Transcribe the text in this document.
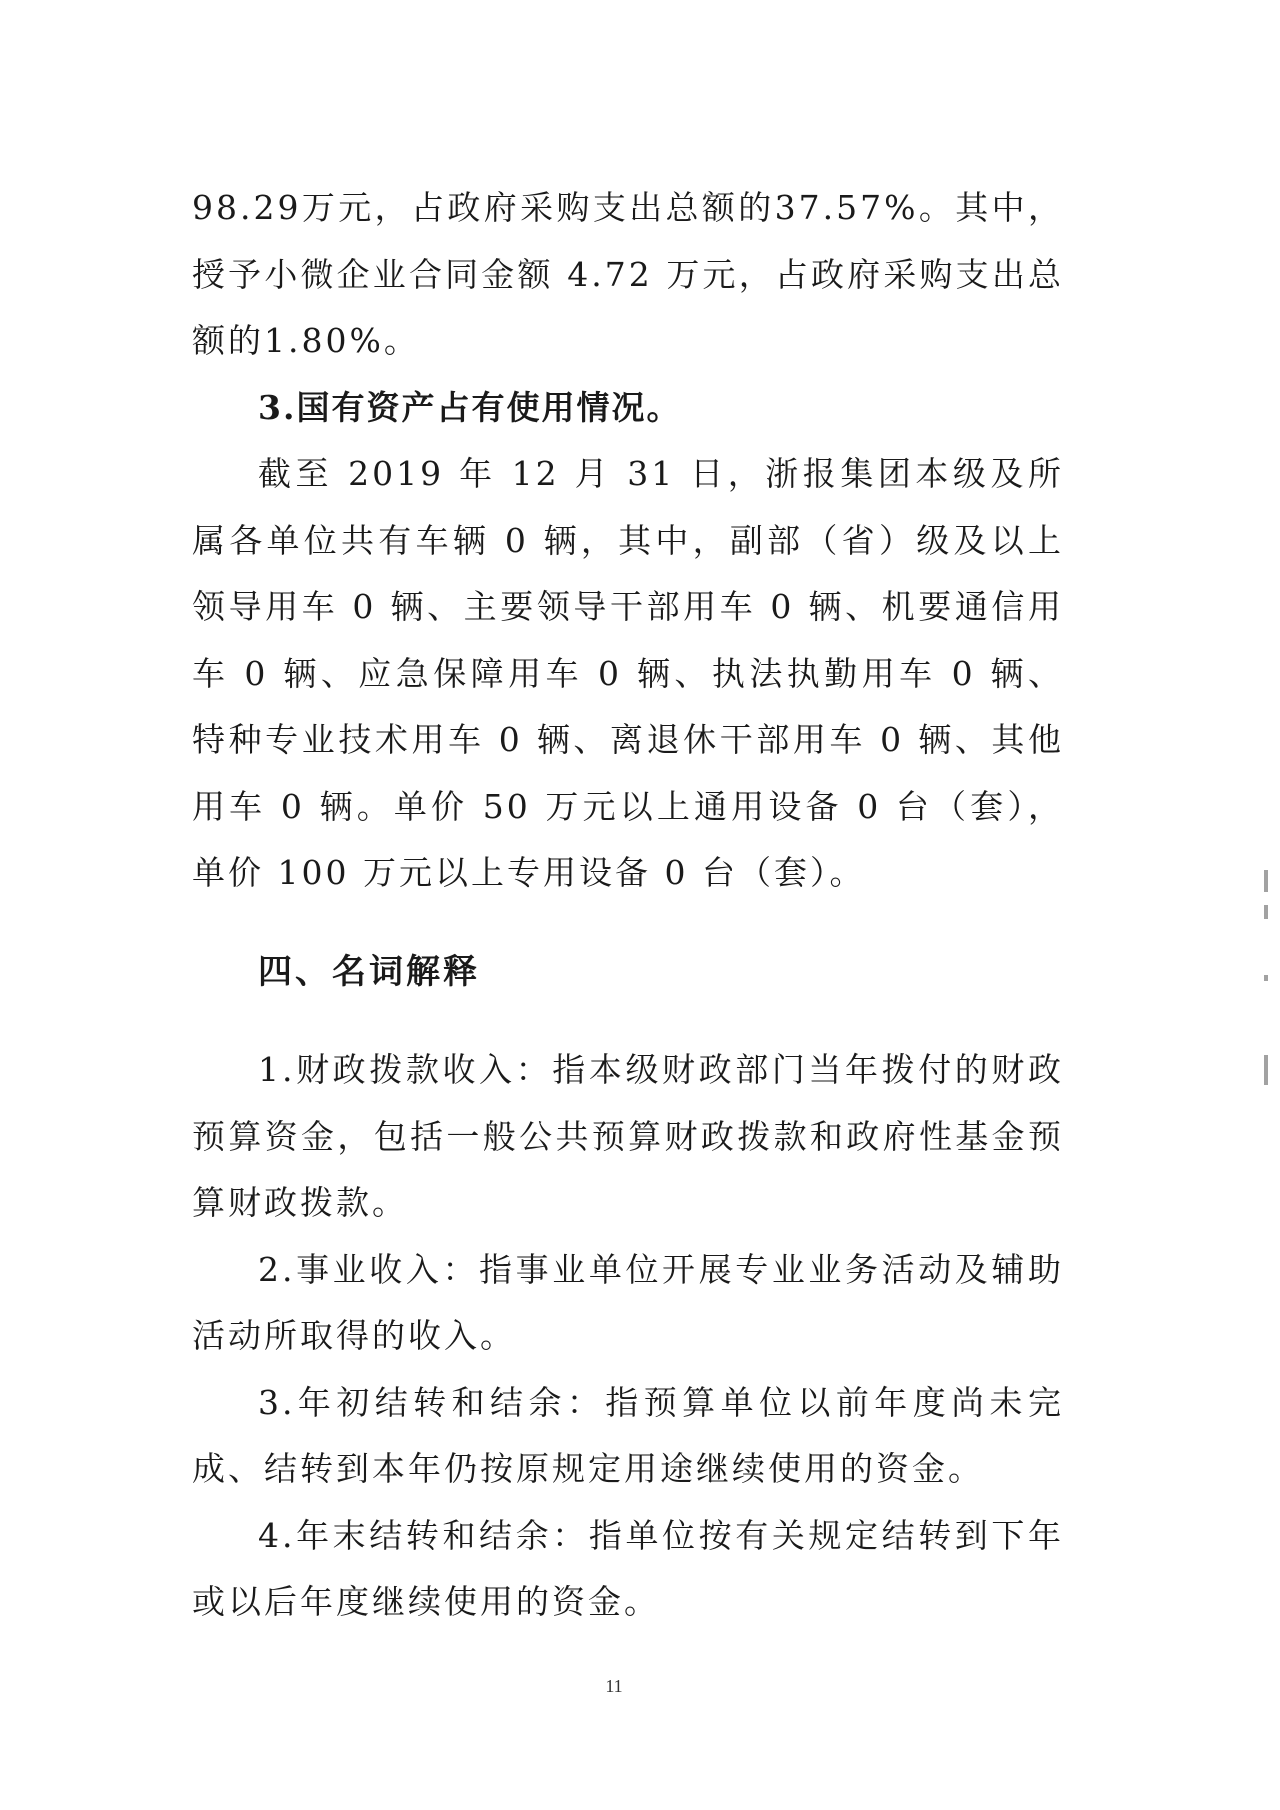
98.29万元，占政府采购支出总额的37.57%。其中，授予小微企业合同金额 4.72 万元，占政府采购支出总额的1.80%。

3.国有资产占有使用情况。

截至 2019 年 12 月 31 日，浙报集团本级及所属各单位共有车辆 0 辆，其中，副部（省）级及以上领导用车 0 辆、主要领导干部用车 0 辆、机要通信用车 0 辆、应急保障用车 0 辆、执法执勤用车 0 辆、特种专业技术用车 0 辆、离退休干部用车 0 辆、其他用车 0 辆。单价 50 万元以上通用设备 0 台（套），单价 100 万元以上专用设备 0 台（套）。

四、名词解释

1.财政拨款收入：指本级财政部门当年拨付的财政预算资金，包括一般公共预算财政拨款和政府性基金预算财政拨款。

2.事业收入：指事业单位开展专业业务活动及辅助活动所取得的收入。

3.年初结转和结余：指预算单位以前年度尚未完成、结转到本年仍按原规定用途继续使用的资金。

4.年末结转和结余：指单位按有关规定结转到下年或以后年度继续使用的资金。

11
